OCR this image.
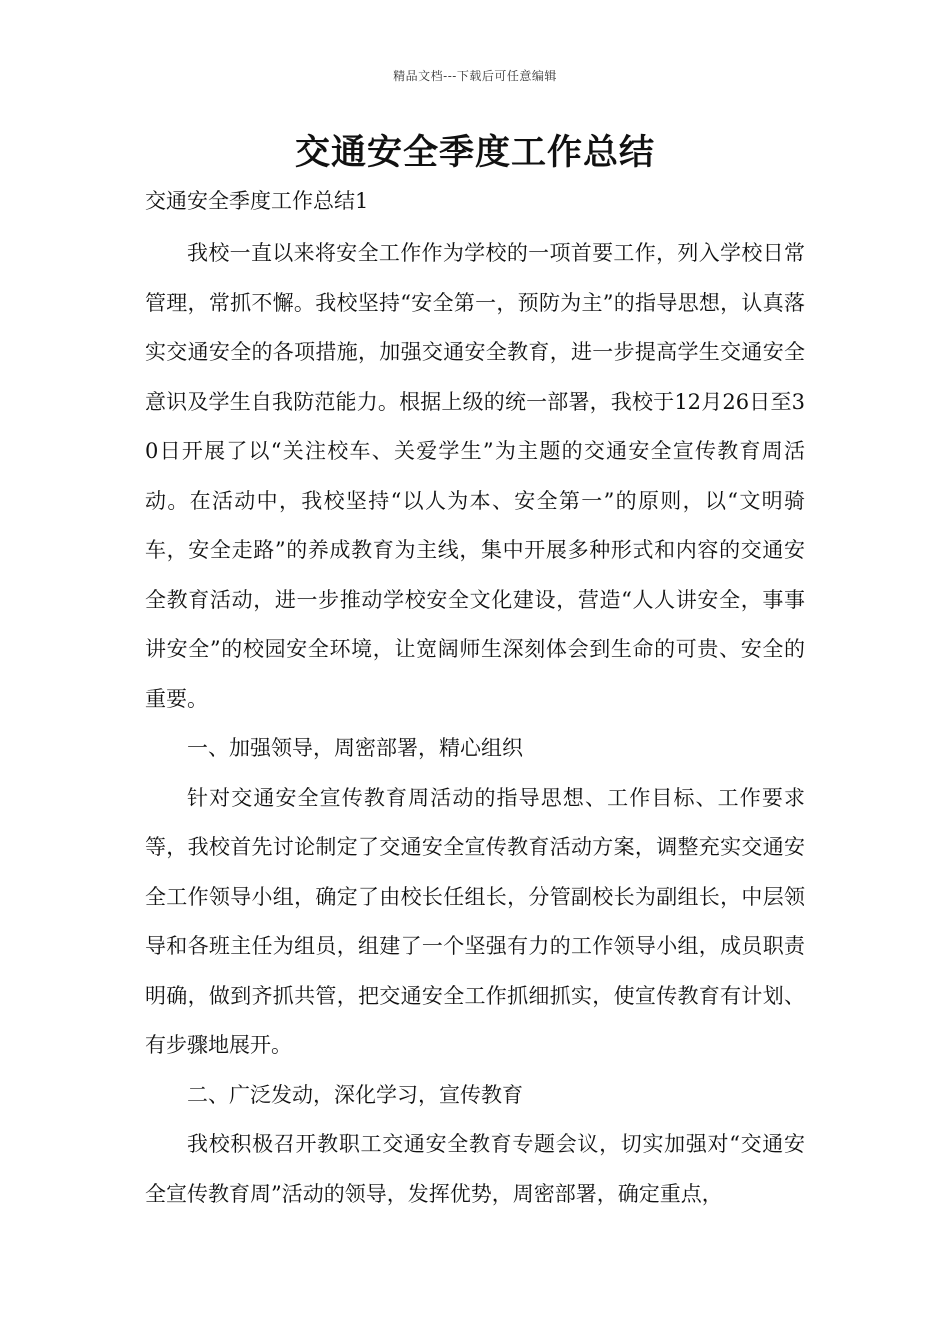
精品文档---下载后可任意编辑
交通安全季度工作总结
交通安全季度工作总结1

我校一直以来将安全工作作为学校的一项首要工作，列入学校日常管理，常抓不懈。我校坚持“安全第一，预防为主”的指导思想，认真落实交通安全的各项措施，加强交通安全教育，进一步提高学生交通安全意识及学生自我防范能力。根据上级的统一部署，我校于12月26日至30日开展了以“关注校车、关爱学生”为主题的交通安全宣传教育周活动。在活动中，我校坚持“以人为本、安全第一”的原则，以“文明骑车，安全走路”的养成教育为主线，集中开展多种形式和内容的交通安全教育活动，进一步推动学校安全文化建设，营造“人人讲安全，事事讲安全”的校园安全环境，让宽阔师生深刻体会到生命的可贵、安全的重要。

一、加强领导，周密部署，精心组织

针对交通安全宣传教育周活动的指导思想、工作目标、工作要求等，我校首先讨论制定了交通安全宣传教育活动方案，调整充实交通安全工作领导小组，确定了由校长任组长，分管副校长为副组长，中层领导和各班主任为组员，组建了一个坚强有力的工作领导小组，成员职责明确，做到齐抓共管，把交通安全工作抓细抓实，使宣传教育有计划、有步骤地展开。

二、广泛发动，深化学习，宣传教育

我校积极召开教职工交通安全教育专题会议，切实加强对“交通安全宣传教育周”活动的领导，发挥优势，周密部署，确定重点，
